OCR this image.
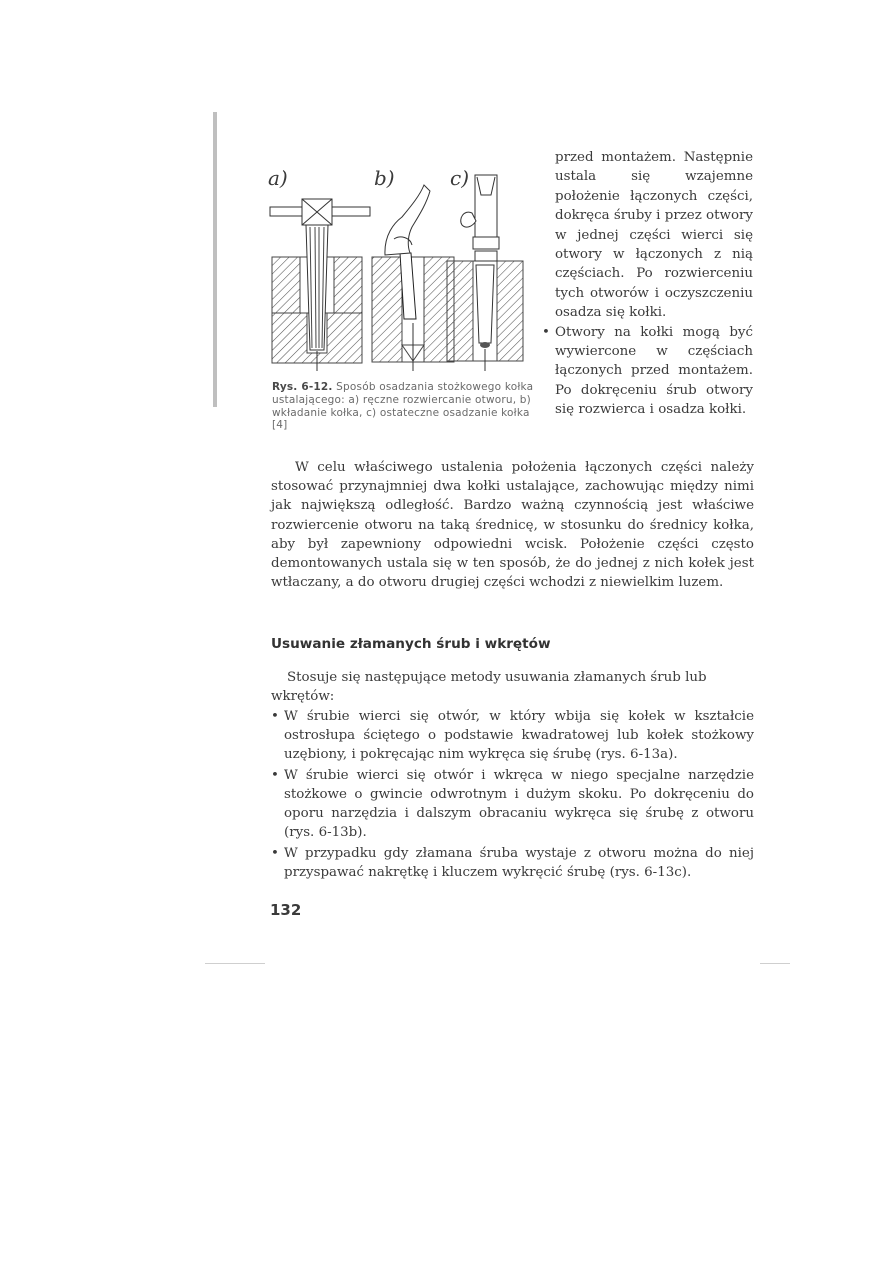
a)	b)	c)

Rys. 6-12. Sposób osadzania stożkowego kołka ustalającego: a) ręczne rozwiercanie otworu, b) wkładanie kołka, c) ostateczne osadzanie kołka [4]

przed montażem. Następnie ustala się wzajemne położenie łączonych części, dokręca śruby i przez otwory w jednej części wierci się otwory w łączonych z nią częściach. Po rozwierceniu tych otworów i oczyszczeniu osadza się kołki.

• Otwory na kołki mogą być wywiercone w częściach łączonych przed montażem. Po dokręceniu śrub otwory się rozwierca i osadza kołki.

W celu właściwego ustalenia położenia łączonych części należy stosować przynajmniej dwa kołki ustalające, zachowując między nimi jak największą odległość. Bardzo ważną czynnością jest właściwe rozwiercenie otworu na taką średnicę, w stosunku do średnicy kołka, aby był zapewniony odpowiedni wcisk. Położenie części często demontowanych ustala się w ten sposób, że do jednej z nich kołek jest wtłaczany, a do otworu drugiej części wchodzi z niewielkim luzem.

Usuwanie złamanych śrub i wkrętów

Stosuje się następujące metody usuwania złamanych śrub lub wkrętów:

• W śrubie wierci się otwór, w który wbija się kołek w kształcie ostrosłupa ściętego o podstawie kwadratowej lub kołek stożkowy uzębiony, i pokręcając nim wykręca się śrubę (rys. 6-13a).
• W śrubie wierci się otwór i wkręca w niego specjalne narzędzie stożkowe o gwincie odwrotnym i dużym skoku. Po dokręceniu do oporu narzędzia i dalszym obracaniu wykręca się śrubę z otworu (rys. 6-13b).
• W przypadku gdy złamana śruba wystaje z otworu można do niej przyspawać nakrętkę i kluczem wykręcić śrubę (rys. 6-13c).

132
